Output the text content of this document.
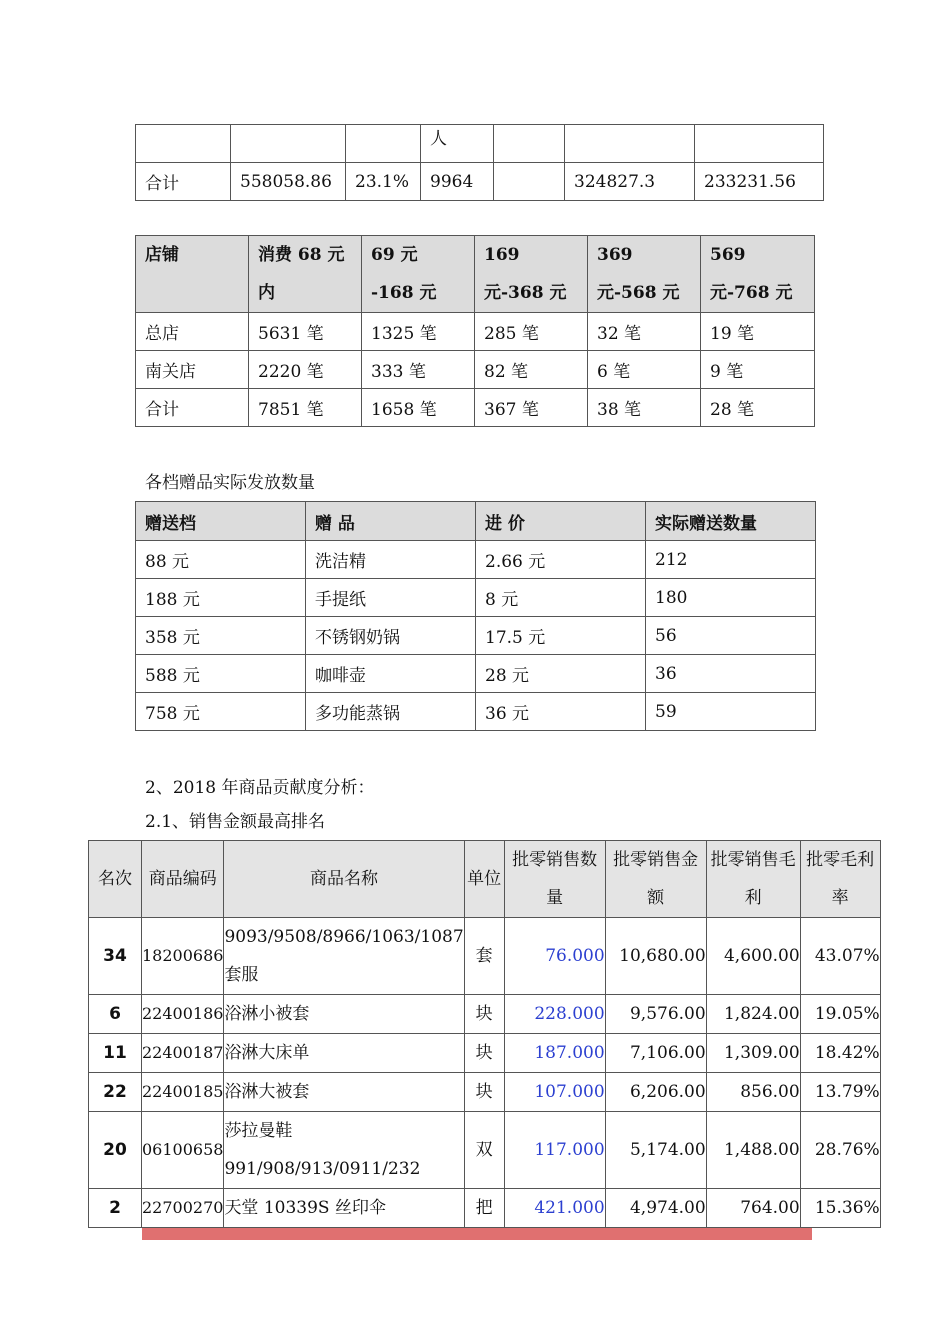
			人			
合计	558058.86	23.1%	9964		324827.3	233231.56
店铺	消费 68 元内	69 元 -168 元	169 元-368 元	369 元-568 元	569 元-768 元
总店	5631 笔	1325 笔	285 笔	32 笔	19 笔
南关店	2220 笔	333 笔	82 笔	6 笔	9 笔
合计	7851 笔	1658 笔	367 笔	38 笔	28 笔
各档赠品实际发放数量
赠送档	赠 品	进 价	实际赠送数量
88 元	洗洁精	2.66 元	212
188 元	手提纸	8 元	180
358 元	不锈钢奶锅	17.5 元	56
588 元	咖啡壶	28 元	36
758 元	多功能蒸锅	36 元	59
2、2018 年商品贡献度分析：
2.1、销售金额最高排名
名次	商品编码	商品名称	单位	批零销售数量	批零销售金额	批零销售毛利	批零毛利率
34	18200686	9093/9508/8966/1063/1087套服	套	76.000	10,680.00	4,600.00	43.07%
6	22400186	浴淋小被套	块	228.000	9,576.00	1,824.00	19.05%
11	22400187	浴淋大床单	块	187.000	7,106.00	1,309.00	18.42%
22	22400185	浴淋大被套	块	107.000	6,206.00	856.00	13.79%
20	06100658	莎拉曼鞋991/908/913/0911/232	双	117.000	5,174.00	1,488.00	28.76%
2	22700270	天堂 10339S 丝印伞	把	421.000	4,974.00	764.00	15.36%
